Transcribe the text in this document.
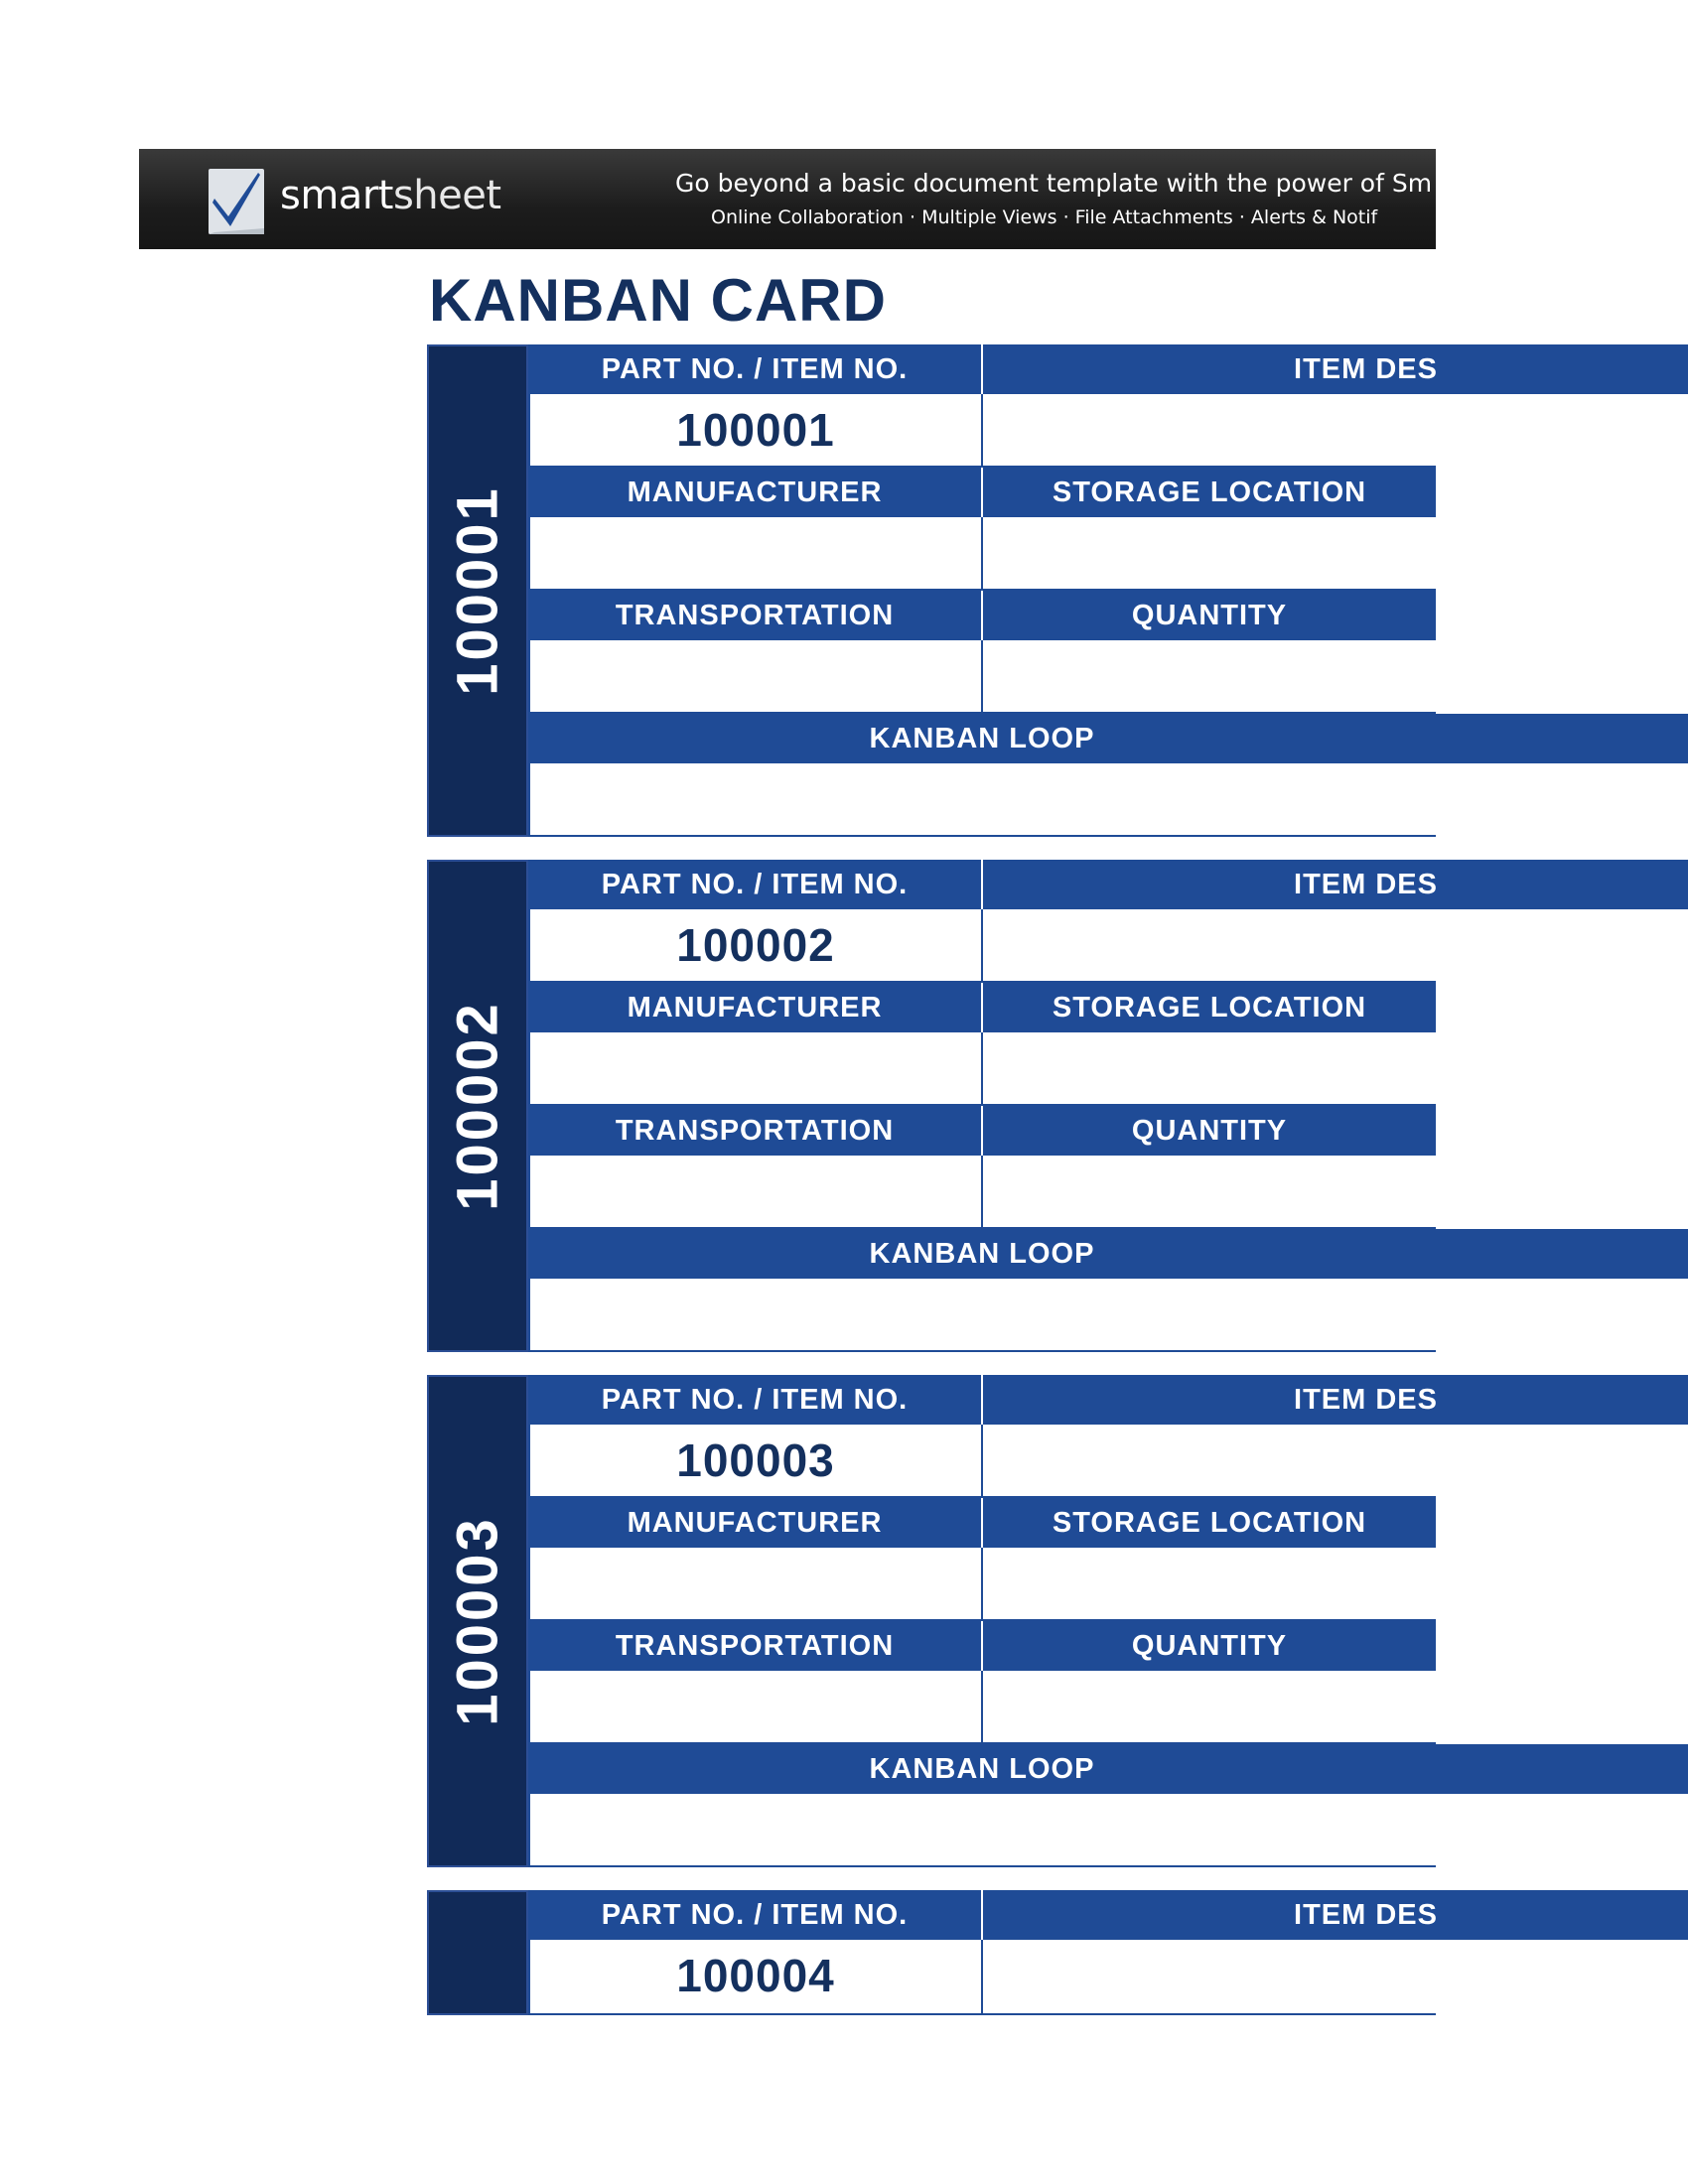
smartsheet	Go beyond a basic document template with the power of Sm
Online Collaboration · Multiple Views · File Attachments · Alerts & Notif
KANBAN CARD
100001
PART NO. / ITEM NO.	ITEM DES
100001
MANUFACTURER	STORAGE LOCATION
TRANSPORTATION	QUANTITY
KANBAN LOOP
100002
PART NO. / ITEM NO.	ITEM DES
100002
MANUFACTURER	STORAGE LOCATION
TRANSPORTATION	QUANTITY
KANBAN LOOP
100003
PART NO. / ITEM NO.	ITEM DES
100003
MANUFACTURER	STORAGE LOCATION
TRANSPORTATION	QUANTITY
KANBAN LOOP
PART NO. / ITEM NO.	ITEM DES
100004
